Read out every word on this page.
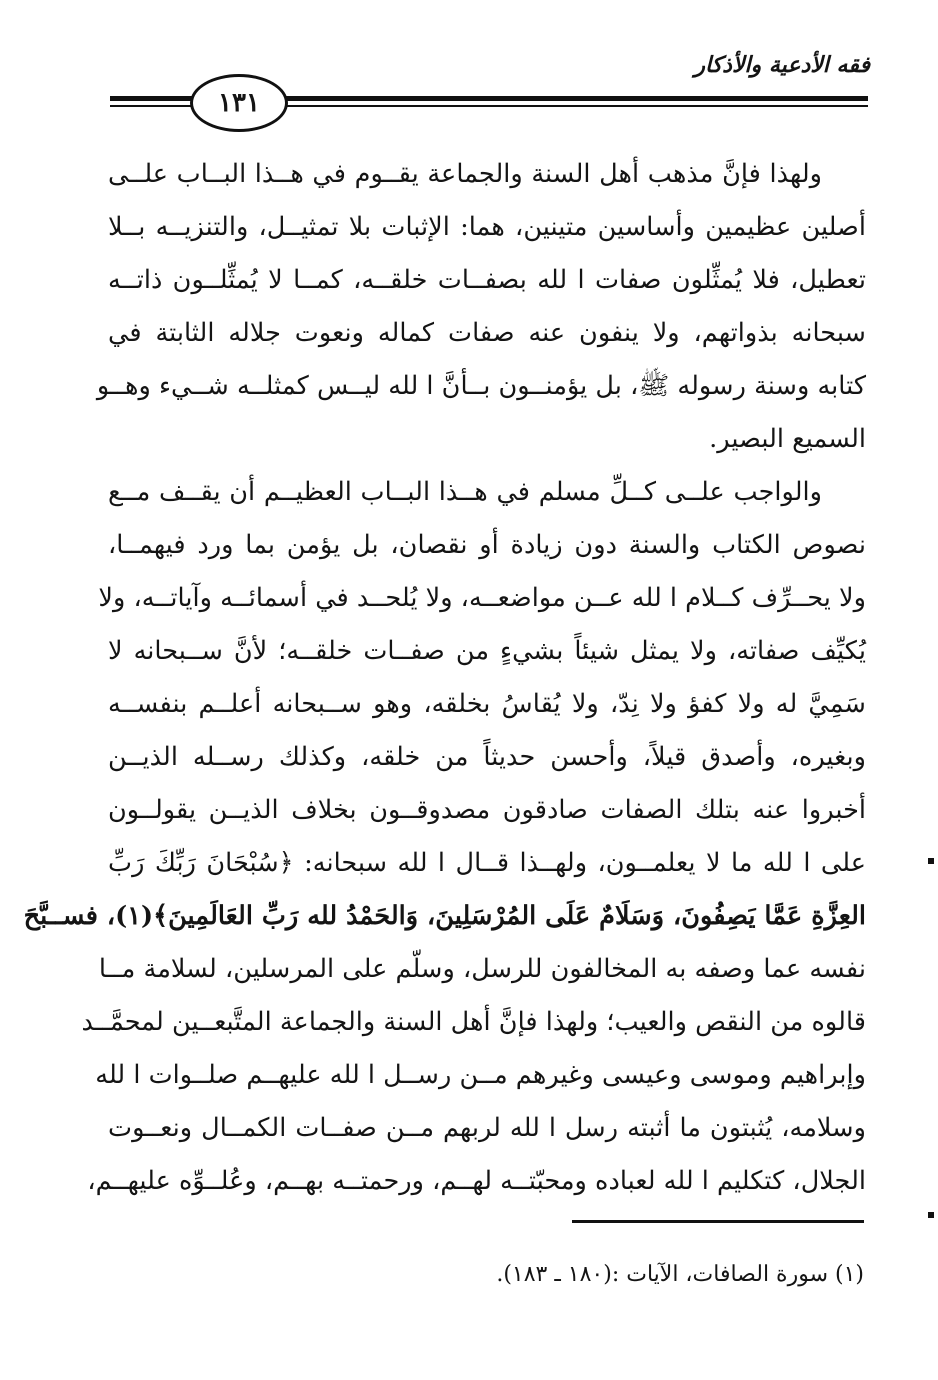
فقه الأدعية والأذكار
١٣١
ولهذا فإنَّ مذهب أهل السنة والجماعة يقــوم في هــذا البــاب علــى
أصلين عظيمين وأساسين متينين، هما: الإثبات بلا تمثيــل، والتنزيــه بــلا
تعطيل، فلا يُمثِّلون صفات ا لله بصفــات خلقــه، كمــا لا يُمثِّلــون ذاتــه
سبحانه بذواتهم، ولا ينفون عنه صفات كماله ونعوت جلاله الثابتة في
كتابه وسنة رسوله ﷺ، بل يؤمنــون بــأنَّ ا لله ليــس كمثلــه شــيء وهــو
السميع البصير.
والواجب علــى كــلِّ مسلم في هــذا البــاب العظيــم أن يقــف مــع
نصوص الكتاب والسنة دون زيادة أو نقصان، بل يؤمن بما ورد فيهمــا،
ولا يحــرِّف كــلام ا لله عــن مواضعــه، ولا يُلحــد في أسمائــه وآياتــه، ولا
يُكيِّف صفاته، ولا يمثل شيئاً بشيءٍ من صفــات خلقــه؛ لأنَّ ســبحانه لا
سَمِيَّ له ولا كفؤ ولا نِدّ، ولا يُقاسُ بخلقه، وهو ســبحانه أعلــم بنفســه
وبغيره، وأصدق قيلاً، وأحسن حديثاً من خلقه، وكذلك رســله الذيــن
أخبروا عنه بتلك الصفات صادقون مصدوقــون بخلاف الذيــن يقولــون
على ا لله ما لا يعلمــون، ولهــذا قــال ا لله سبحانه: ﴿سُبْحَانَ رَبِّكَ رَبِّ
العِزَّةِ عَمَّا يَصِفُونَ، وَسَلَامٌ عَلَى المُرْسَلِينَ، وَالحَمْدُ لله رَبِّ العَالَمِينَ﴾(١)، فســبَّحَ
نفسه عما وصفه به المخالفون للرسل، وسلّم على المرسلين، لسلامة مــا
قالوه من النقص والعيب؛ ولهذا فإنَّ أهل السنة والجماعة المتَّبعــين لمحمَّــد
وإبراهيم وموسى وعيسى وغيرهم مــن رســل ا لله عليهــم صلــوات ا لله
وسلامه، يُثبتون ما أثبته رسل ا لله لربهم مــن صفــات الكمــال ونعــوت
الجلال، كتكليم ا لله لعباده ومحبّتــه لهــم، ورحمتــه بهــم، وعُلــوِّه عليهــم،
(١) سورة الصافات، الآيات :(١٨٠ ـ ١٨٣).
